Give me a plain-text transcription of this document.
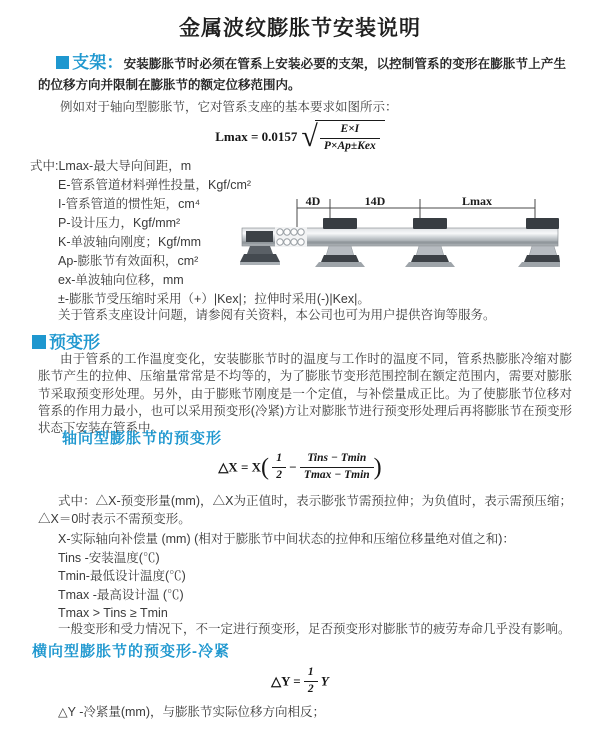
金属波纹膨胀节安装说明

支架：安装膨胀节时必须在管系上安装必要的支架，以控制管系的变形在膨胀节上产生的位移方向并限制在膨胀节的额定位移范围内。

例如对于轴向型膨胀节，它对管系支座的基本要求如图所示：

Lmax = 0.0157 √ $\frac{E\times I}{\text{P×Ap±Kex}}$
式中:Lmax-最大导向间距，m
E-管系管道材料弹性投量，Kgf/cm²
I-管系管道的惯性矩，cm⁴
P-设计压力，Kgf/mm²
K-单波轴向刚度；Kgf/mm
Ap-膨胀节有效面积，cm²
ex-单波轴向位移，mm
±-膨胀节受压缩时采用（+）|Kex|；拉伸时采用(-)|Kex|。
4D	14D	Lmax

关于管系支座设计问题，请参阅有关资料，本公司也可为用户提供咨询等服务。

预变形

由于管系的工作温度变化，安装膨胀节时的温度与工作时的温度不同，管系热膨胀冷缩对膨胀节产生的拉伸、压缩量常常是不均等的，为了膨胀节变形范围控制在额定范围内，需要对膨胀节采取预变形处理。另外，由于膨账节刚度是一个定值，与补偿量成正比。为了使膨胀节位移对管系的作用力最小，也可以采用预变形(冷紧)方让对膨胀节进行预变形处理后再将膨胀节在预变形状态下安装在管系中。

轴向型膨胀节的预变形
△X = $X( \frac{1}{2} - \frac{\text{Tins − Tmin}}{Tmax - Tmin}$ )

式中：△X-预变形量(mm)，△X为正值时，表示膨张节需预拉伸；为负值时，表示需预压缩；△X＝0时表示不需预变形。

X-实际轴向补偿量 (mm) (相对于膨胀节中间状态的拉伸和压缩位移量绝对值之和)：
Tins -安装温度(℃)
Tmin-最低设计温度(℃)
Tmax -最高设计温 (℃)
Tmax > Tins ≥ Tmin

一般变形和受力情况下，不一定进行预变形，足否预变形对膨胀节的疲劳寿命几乎没有影响。

横向型膨胀节的预变形-冷紧
△Y = $\frac{1}{2}$ Y

△Y -冷紧量(mm)，与膨胀节实际位移方向相反；
